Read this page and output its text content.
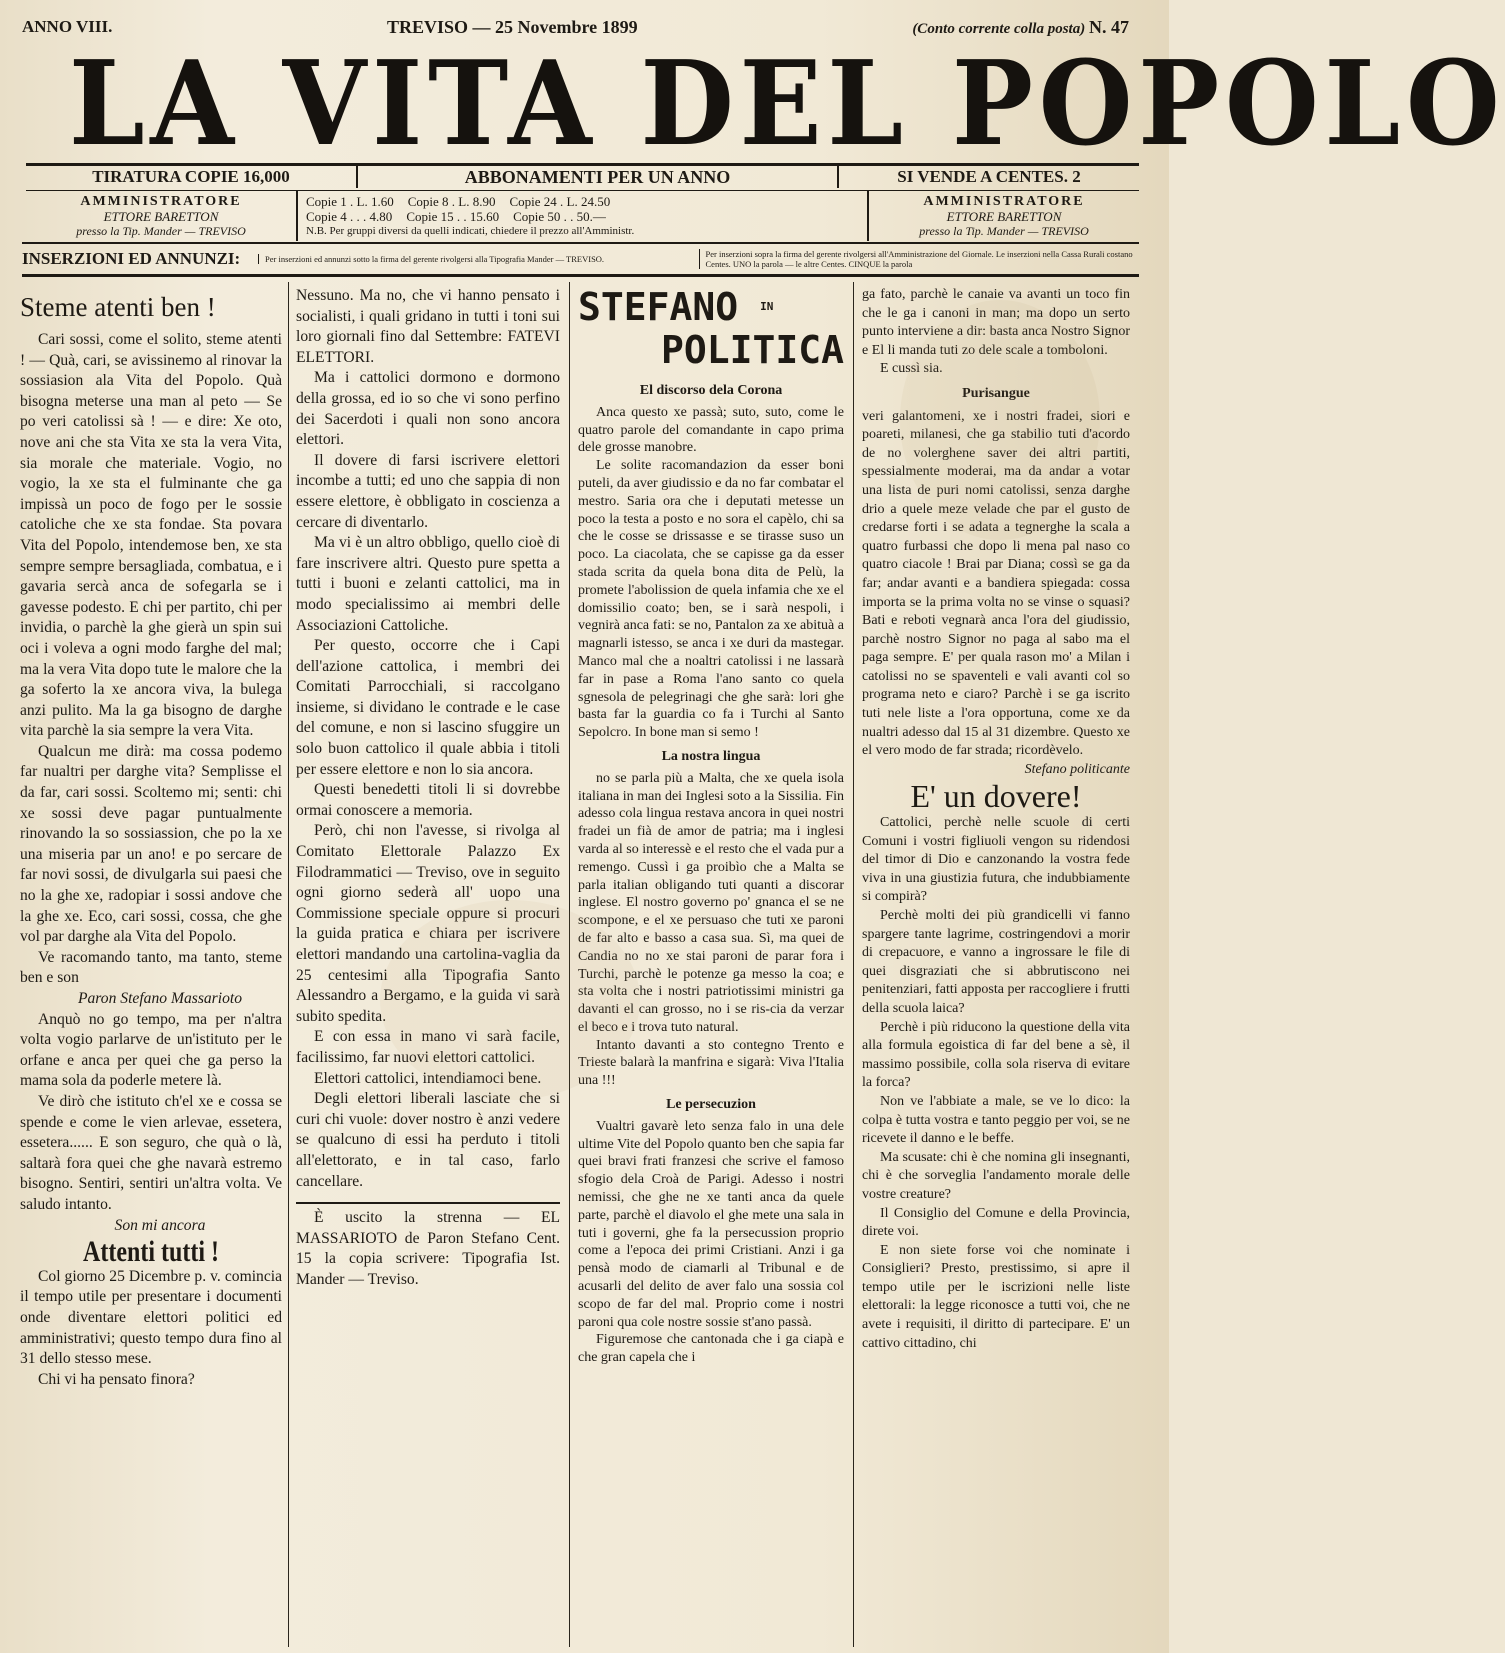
ANNO VIII.	TREVISO — 25 Novembre 1899	(Conto corrente colla posta) N. 47
LA VITA DEL POPOLO
TIRATURA COPIE 16,000	ABBONAMENTI PER UN ANNO	SI VENDE A CENTES. 2
AMMINISTRATORE
ETTORE BARETTON
presso la Tip. Mander — TREVISO
Copie 1 . L. 1.60 Copie 8 . L. 8.90 Copie 24 . L. 24.50
Copie 4 . . . 4.80 Copie 15 . . 15.60 Copie 50 . . 50.—
N.B. Per gruppi diversi da quelli indicati, chiedere il prezzo all'Amministr.
AMMINISTRATORE
ETTORE BARETTON
presso la Tip. Mander — TREVISO
INSERZIONI ED ANNUNZI:	Per inserzioni ed annunzi sotto la firma del gerente rivolgersi alla Tipografia Mander — TREVISO.	Per inserzioni sopra la firma del gerente rivolgersi all'Amministrazione del Giornale. Le inserzioni nella Cassa Rurali costano Centes. UNO la parola — le altre Centes. CINQUE la parola
Steme atenti ben !

Cari sossi, come el solito, steme atenti ! — Quà, cari, se avissinemo al rinovar la sossiasion ala Vita del Popolo. Quà bisogna meterse una man al peto — Se po veri catolissi sà ! — e dire: Xe oto, nove ani che sta Vita xe sta la vera Vita, sia morale che materiale. Vogio, no vogio, la xe sta el fulminante che ga impissà un poco de fogo per le sossie catoliche che xe sta fondae. Sta povara Vita del Popolo, intendemose ben, xe sta sempre sempre bersagliada, combatua, e i gavaria sercà anca de sofegarla se i gavesse podesto. E chi per partito, chi per invidia, o parchè la ghe gierà un spin sui oci i voleva a ogni modo farghe del mal; ma la vera Vita dopo tute le malore che la ga soferto la xe ancora viva, la bulega anzi pulito. Ma la ga bisogno de darghe vita parchè la sia sempre la vera Vita.

Qualcun me dirà: ma cossa podemo far nualtri per darghe vita? Semplisse el da far, cari sossi. Scoltemo mi; senti: chi xe sossi deve pagar puntualmente rinovando la so sossiassion, che po la xe una miseria par un ano! e po sercare de far novi sossi, de divulgarla sui paesi che no la ghe xe, radopiar i sossi andove che la ghe xe. Eco, cari sossi, cossa, che ghe vol par darghe ala Vita del Popolo.

Ve racomando tanto, ma tanto, steme ben e son

Paron Stefano Massarioto

Anquò no go tempo, ma per n'altra volta vogio parlarve de un'istituto per le orfane e anca per quei che ga perso la mama sola da poderle metere là.

Ve dirò che istituto ch'el xe e cossa se spende e come le vien arlevae, essetera, essetera...... E son seguro, che quà o là, saltarà fora quei che ghe navarà estremo bisogno. Sentiri, sentiri un'altra volta. Ve saludo intanto.

Son mi ancora

Attenti tutti !

Col giorno 25 Dicembre p. v. comincia il tempo utile per presentare i documenti onde diventare elettori politici ed amministrativi; questo tempo dura fino al 31 dello stesso mese.

Chi vi ha pensato finora?

Nessuno. Ma no, che vi hanno pensato i socialisti, i quali gridano in tutti i toni sui loro giornali fino dal Settembre: FATEVI ELETTORI.

Ma i cattolici dormono e dormono della grossa, ed io so che vi sono perfino dei Sacerdoti i quali non sono ancora elettori.

Il dovere di farsi iscrivere elettori incombe a tutti; ed uno che sappia di non essere elettore, è obbligato in coscienza a cercare di diventarlo.

Ma vi è un altro obbligo, quello cioè di fare inscrivere altri. Questo pure spetta a tutti i buoni e zelanti cattolici, ma in modo specialissimo ai membri delle Associazioni Cattoliche.

Per questo, occorre che i Capi dell'azione cattolica, i membri dei Comitati Parrocchiali, si raccolgano insieme, si dividano le contrade e le case del comune, e non si lascino sfuggire un solo buon cattolico il quale abbia i titoli per essere elettore e non lo sia ancora.

Questi benedetti titoli li si dovrebbe ormai conoscere a memoria.

Però, chi non l'avesse, si rivolga al Comitato Elettorale Palazzo Ex Filodrammatici — Treviso, ove in seguito ogni giorno sederà all' uopo una Commissione speciale oppure si procuri la guida pratica e chiara per iscrivere elettori mandando una cartolina-vaglia da 25 centesimi alla Tipografia Santo Alessandro a Bergamo, e la guida vi sarà subito spedita.

E con essa in mano vi sarà facile, facilissimo, far nuovi elettori cattolici.

Elettori cattolici, intendiamoci bene.

Degli elettori liberali lasciate che si curi chi vuole: dover nostro è anzi vedere se qualcuno di essi ha perduto i titoli all'elettorato, e in tal caso, farlo cancellare.

È uscito la strenna — EL MASSARIOTO de Paron Stefano Cent. 15 la copia scrivere: Tipografia Ist. Mander — Treviso.

STEFANO $^{IN}$
POLITICA
El discorso dela Corona

Anca questo xe passà; suto, suto, come le quatro parole del comandante in capo prima dele grosse manobre.

Le solite racomandazion da esser boni puteli, da aver giudissio e da no far combatar el mestro. Saria ora che i deputati metesse un poco la testa a posto e no sora el capèlo, chi sa che le cosse se drissasse e se tirasse suso un poco. La ciacolata, che se capisse ga da esser stada scrita da quela bona dita de Pelù, la promete l'abolission de quela infamia che xe el domissilio coato; ben, se i sarà nespoli, i vegnirà anca fati: se no, Pantalon za xe abituà a magnarli istesso, se anca i xe duri da mastegar. Manco mal che a noaltri catolissi i ne lassarà far in pase a Roma l'ano santo co quela sgnesola de pelegrinagi che ghe sarà: lori ghe basta far la guardia co fa i Turchi al Santo Sepolcro. In bone man si semo !

La nostra lingua

no se parla più a Malta, che xe quela isola italiana in man dei Inglesi soto a la Sissilia. Fin adesso cola lingua restava ancora in quei nostri fradei un fià de amor de patria; ma i inglesi varda al so interessè e el resto che el vada pur a remengo. Cussì i ga proibìo che a Malta se parla italian obligando tuti quanti a discorar inglese. El nostro governo po' gnanca el se ne scompone, e el xe persuaso che tuti xe paroni de far alto e basso a casa sua. Sì, ma quei de Candia no no xe stai paroni de parar fora i Turchi, parchè le potenze ga messo la coa; e sta volta che i nostri patriotissimi ministri ga davanti el can grosso, no i se ris-cia da verzar el beco e i trova tuto natural.

Intanto davanti a sto contegno Trento e Trieste balarà la manfrina e sigarà: Viva l'Italia una !!!

Le persecuzion

Vualtri gavarè leto senza falo in una dele ultime Vite del Popolo quanto ben che sapia far quei bravi frati franzesi che scrive el famoso sfogio dela Croà de Parigi. Adesso i nostri nemissi, che ghe ne xe tanti anca da quele parte, parchè el diavolo el ghe mete una sala in tuti i governi, ghe fa la persecussion proprio come a l'epoca dei primi Cristiani. Anzi i ga pensà modo de ciamarli al Tribunal e de acusarli del delito de aver falo una sossia col scopo de far del mal. Proprio come i nostri paroni qua cole nostre sossie st'ano passà.

Figuremose che cantonada che i ga ciapà e che gran capela che i

ga fato, parchè le canaie va avanti un toco fin che le ga i canoni in man; ma dopo un serto punto interviene a dir: basta anca Nostro Signor e El li manda tuti zo dele scale a tomboloni.

E cussì sia.

Purisangue

veri galantomeni, xe i nostri fradei, siori e poareti, milanesi, che ga stabilio tuti d'acordo de no volerghene saver dei altri partiti, spessialmente moderai, ma da andar a votar una lista de puri nomi catolissi, senza darghe drio a quele meze velade che par el gusto de credarse forti i se adata a tegnerghe la scala a quatro furbassi che dopo li mena pal naso co quatro ciacole ! Brai par Diana; cossì se ga da far; andar avanti e a bandiera spiegada: cossa importa se la prima volta no se vinse o squasi? Bati e reboti vegnarà anca l'ora del giudissio, parchè nostro Signor no paga al sabo ma el paga sempre. E' per quala rason mo' a Milan i catolissi no se spaventeli e vali avanti col so programa neto e ciaro? Parchè i se ga iscrito tuti nele liste a l'ora opportuna, come xe da nualtri adesso dal 15 al 31 dizembre. Questo xe el vero modo de far strada; ricordèvelo.

Stefano politicante

E' un dovere!

Cattolici, perchè nelle scuole di certi Comuni i vostri figliuoli vengon su ridendosi del timor di Dio e canzonando la vostra fede viva in una giustizia futura, che indubbiamente si compirà?

Perchè molti dei più grandicelli vi fanno spargere tante lagrime, costringendovi a morir di crepacuore, e vanno a ingrossare le file di quei disgraziati che si abbrutiscono nei penitenziari, fatti apposta per raccogliere i frutti della scuola laica?

Perchè i più riducono la questione della vita alla formula egoistica di far del bene a sè, il massimo possibile, colla sola riserva di evitare la forca?

Non ve l'abbiate a male, se ve lo dico: la colpa è tutta vostra e tanto peggio per voi, se ne ricevete il danno e le beffe.

Ma scusate: chi è che nomina gli insegnanti, chi è che sorveglia l'andamento morale delle vostre creature?

Il Consiglio del Comune e della Provincia, direte voi.

E non siete forse voi che nominate i Consiglieri? Presto, prestissimo, si apre il tempo utile per le iscrizioni nelle liste elettorali: la legge riconosce a tutti voi, che ne avete i requisiti, il diritto di partecipare. E' un cattivo cittadino, chi
